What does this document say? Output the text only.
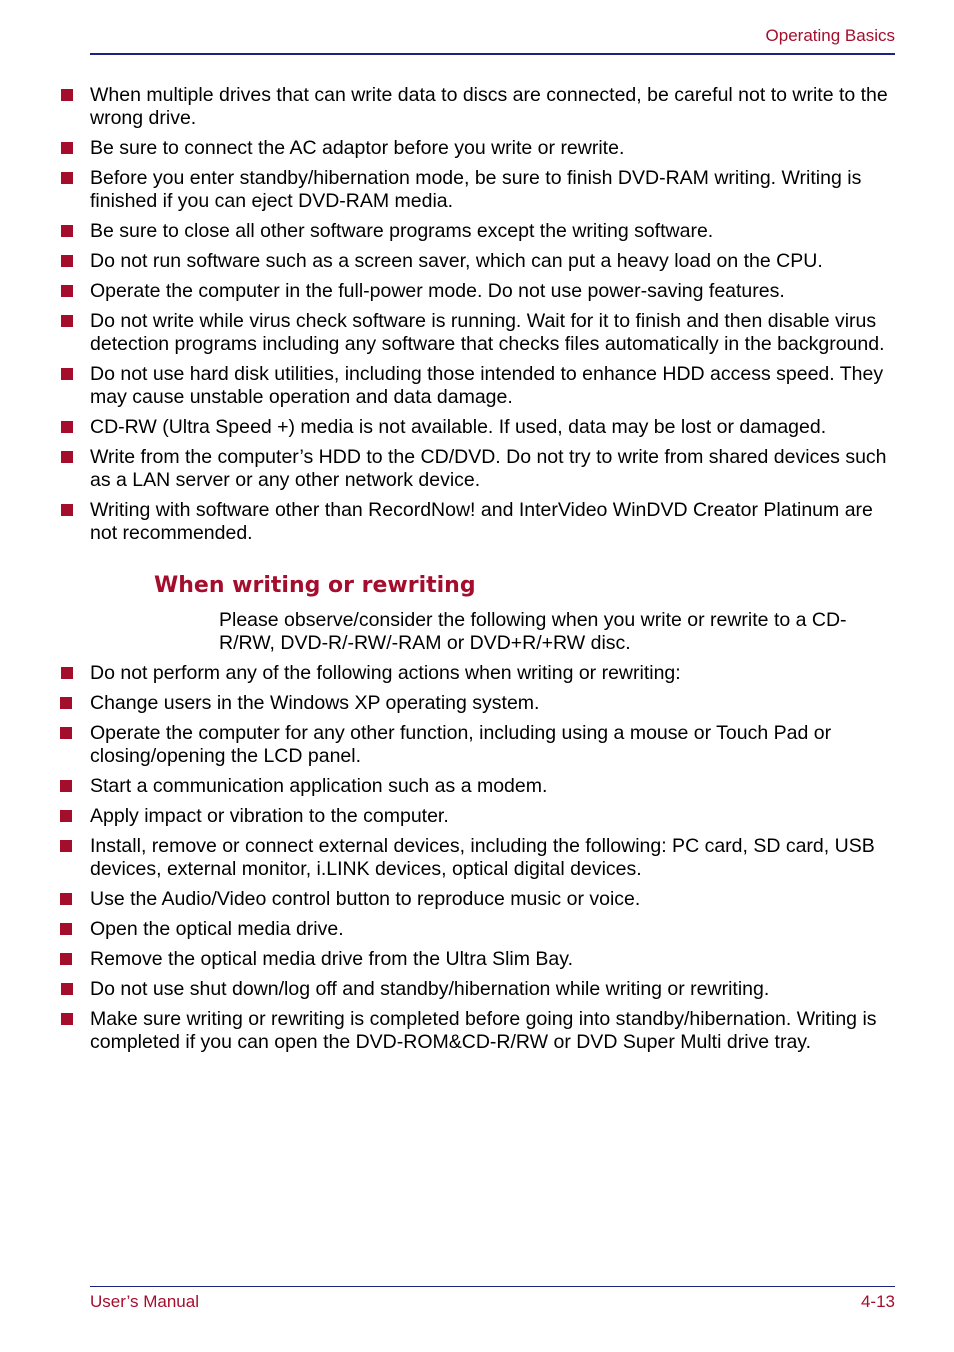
Operating Basics
When multiple drives that can write data to discs are connected, be careful not to write to the wrong drive.
Be sure to connect the AC adaptor before you write or rewrite.
Before you enter standby/hibernation mode, be sure to finish DVD-RAM writing. Writing is finished if you can eject DVD-RAM media.
Be sure to close all other software programs except the writing software.
Do not run software such as a screen saver, which can put a heavy load on the CPU.
Operate the computer in the full-power mode. Do not use power-saving features.
Do not write while virus check software is running. Wait for it to finish and then disable virus detection programs including any software that checks files automatically in the background.
Do not use hard disk utilities, including those intended to enhance HDD access speed. They may cause unstable operation and data damage.
CD-RW (Ultra Speed +) media is not available. If used, data may be lost or damaged.
Write from the computer’s HDD to the CD/DVD. Do not try to write from shared devices such as a LAN server or any other network device.
Writing with software other than RecordNow! and InterVideo WinDVD Creator Platinum are not recommended.
When writing or rewriting

Please observe/consider the following when you write or rewrite to a CD-R/RW, DVD-R/-RW/-RAM or DVD+R/+RW disc.

Do not perform any of the following actions when writing or rewriting:
Change users in the Windows XP operating system.
Operate the computer for any other function, including using a mouse or Touch Pad or closing/opening the LCD panel.
Start a communication application such as a modem.
Apply impact or vibration to the computer.
Install, remove or connect external devices, including the following: PC card, SD card, USB devices, external monitor, i.LINK devices, optical digital devices.
Use the Audio/Video control button to reproduce music or voice.
Open the optical media drive.
Remove the optical media drive from the Ultra Slim Bay.
Do not use shut down/log off and standby/hibernation while writing or rewriting.
Make sure writing or rewriting is completed before going into standby/hibernation. Writing is completed if you can open the DVD-ROM&CD-R/RW or DVD Super Multi drive tray.
User’s Manual	4-13
